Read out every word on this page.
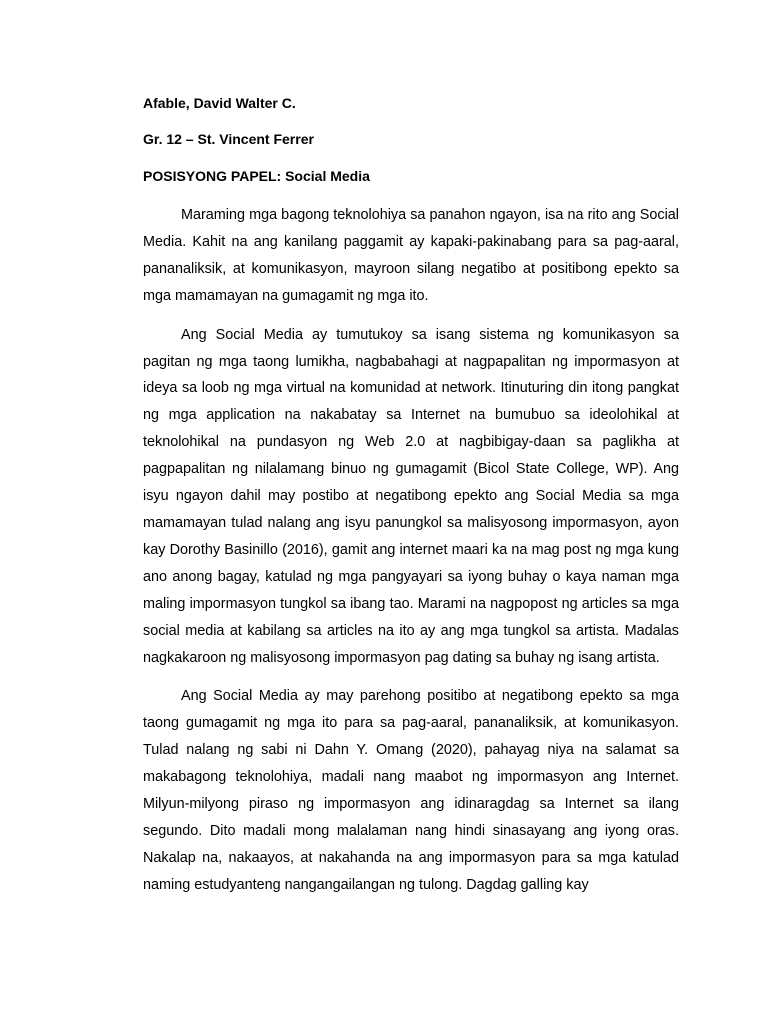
Afable, David Walter C.
Gr. 12 – St. Vincent Ferrer
POSISYONG PAPEL: Social Media

Maraming mga bagong teknolohiya sa panahon ngayon, isa na rito ang Social Media. Kahit na ang kanilang paggamit ay kapaki-pakinabang para sa pag-aaral, pananaliksik, at komunikasyon, mayroon silang negatibo at positibong epekto sa mga mamamayan na gumagamit ng mga ito.

Ang Social Media ay tumutukoy sa isang sistema ng komunikasyon sa pagitan ng mga taong lumikha, nagbabahagi at nagpapalitan ng impormasyon at ideya sa loob ng mga virtual na komunidad at network. Itinuturing din itong pangkat ng mga application na nakabatay sa Internet na bumubuo sa ideolohikal at teknolohikal na pundasyon ng Web 2.0 at nagbibigay-daan sa paglikha at pagpapalitan ng nilalamang binuo ng gumagamit (Bicol State College, WP). Ang isyu ngayon dahil may postibo at negatibong epekto ang Social Media sa mga mamamayan tulad nalang ang isyu panungkol sa malisyosong impormasyon, ayon kay Dorothy Basinillo (2016), gamit ang internet maari ka na mag post ng mga kung ano anong bagay, katulad ng mga pangyayari sa iyong buhay o kaya naman mga maling impormasyon tungkol sa ibang tao. Marami na nagpopost ng articles sa mga social media at kabilang sa articles na ito ay ang mga tungkol sa artista. Madalas nagkakaroon ng malisyosong impormasyon pag dating sa buhay ng isang artista.

Ang Social Media ay may parehong positibo at negatibong epekto sa mga taong gumagamit ng mga ito para sa pag-aaral, pananaliksik, at komunikasyon. Tulad nalang ng sabi ni Dahn Y. Omang (2020), pahayag niya na salamat sa makabagong teknolohiya, madali nang maabot ng impormasyon ang Internet. Milyun-milyong piraso ng impormasyon ang idinaragdag sa Internet sa ilang segundo. Dito madali mong malalaman nang hindi sinasayang ang iyong oras. Nakalap na, nakaayos, at nakahanda na ang impormasyon para sa mga katulad naming estudyanteng nangangailangan ng tulong. Dagdag galling kay
